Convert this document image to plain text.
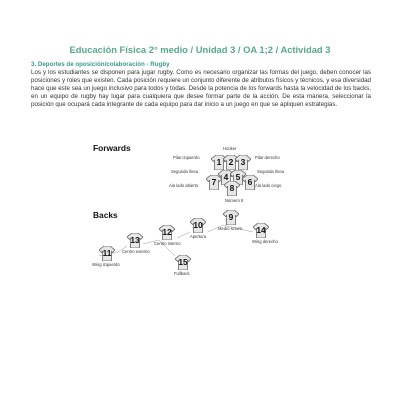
Educación Física 2° medio / Unidad 3 / OA 1;2 / Actividad 3
3. Deportes de oposición/colaboración - Rugby
Los y los estudiantes se disponen para jugar rugby. Como es necesario organizar las formas del juego, deben conocer las posiciones y roles que existen. Cada posición requiere un conjunto diferente de atributos físicos y técnicos, y esa diversidad hace que este sea un juego inclusivo para todos y todas. Desde la potencia de los forwards hasta la velocidad de los backs, en un equipo de rugby hay lugar para cualquiera que desee formar parte de la acción. De esta manera, seleccionar la posición que ocupará cada integrante de cada equipo para dar inicio a un juego en que se apliquen estrategias.
Forwards
Backs
Hooker
Pilar izquierdo	Pilar derecho
Segunda línea	Segunda línea
Ala lado abierto	Ala lado ciego
Número 8
1 2 3
4 5 6
7
8
9
Medio scrum
10
Apertura
12
Centro interno
13
Centro externo
11
Wing izquierdo
14
Wing derecho
15
Fullback
